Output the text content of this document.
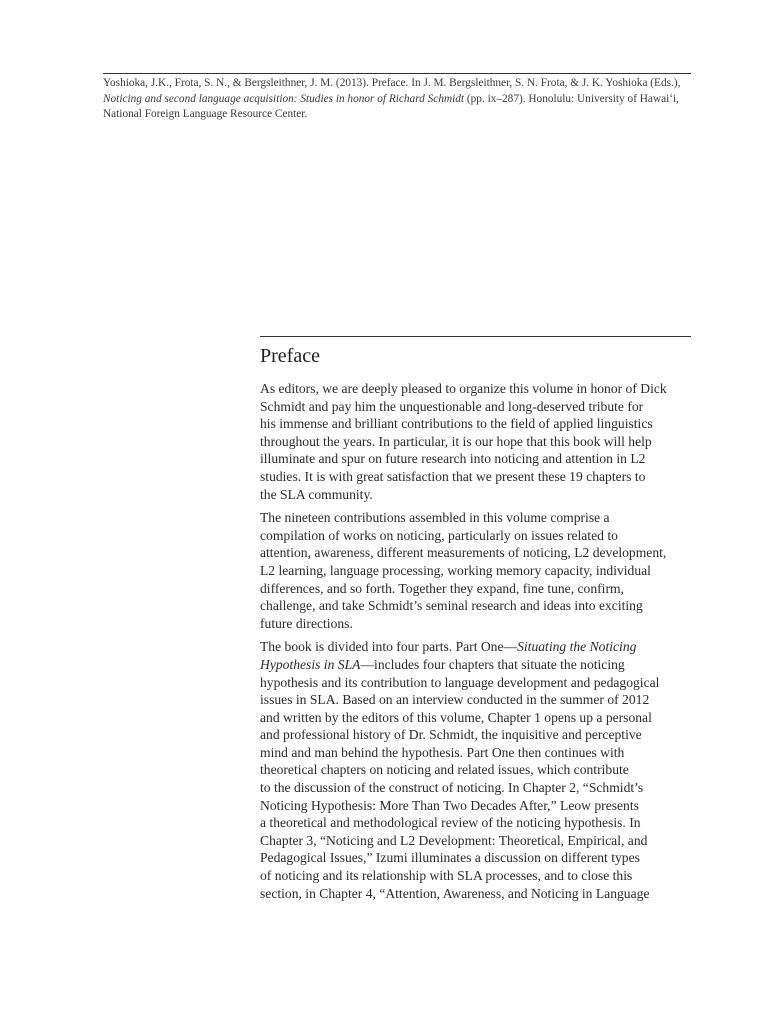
Yoshioka, J.K., Frota, S. N., & Bergsleithner, J. M. (2013). Preface. In J. M. Bergsleithner, S. N. Frota, & J. K. Yoshioka (Eds.),
Noticing and second language acquisition: Studies in honor of Richard Schmidt (pp. ix–287). Honolulu: University of Hawai‘i,
National Foreign Language Resource Center.
Preface

As editors, we are deeply pleased to organize this volume in honor of Dick
Schmidt and pay him the unquestionable and long-deserved tribute for
his immense and brilliant contributions to the field of applied linguistics
throughout the years. In particular, it is our hope that this book will help
illuminate and spur on future research into noticing and attention in L2
studies. It is with great satisfaction that we present these 19 chapters to
the SLA community.

The nineteen contributions assembled in this volume comprise a
compilation of works on noticing, particularly on issues related to
attention, awareness, different measurements of noticing, L2 development,
L2 learning, language processing, working memory capacity, individual
differences, and so forth. Together they expand, fine tune, confirm,
challenge, and take Schmidt’s seminal research and ideas into exciting
future directions.

The book is divided into four parts. Part One—Situating the Noticing
Hypothesis in SLA—includes four chapters that situate the noticing
hypothesis and its contribution to language development and pedagogical
issues in SLA. Based on an interview conducted in the summer of 2012
and written by the editors of this volume, Chapter 1 opens up a personal
and professional history of Dr. Schmidt, the inquisitive and perceptive
mind and man behind the hypothesis. Part One then continues with
theoretical chapters on noticing and related issues, which contribute
to the discussion of the construct of noticing. In Chapter 2, “Schmidt’s
Noticing Hypothesis: More Than Two Decades After,” Leow presents
a theoretical and methodological review of the noticing hypothesis. In
Chapter 3, “Noticing and L2 Development: Theoretical, Empirical, and
Pedagogical Issues,” Izumi illuminates a discussion on different types
of noticing and its relationship with SLA processes, and to close this
section, in Chapter 4, “Attention, Awareness, and Noticing in Language
